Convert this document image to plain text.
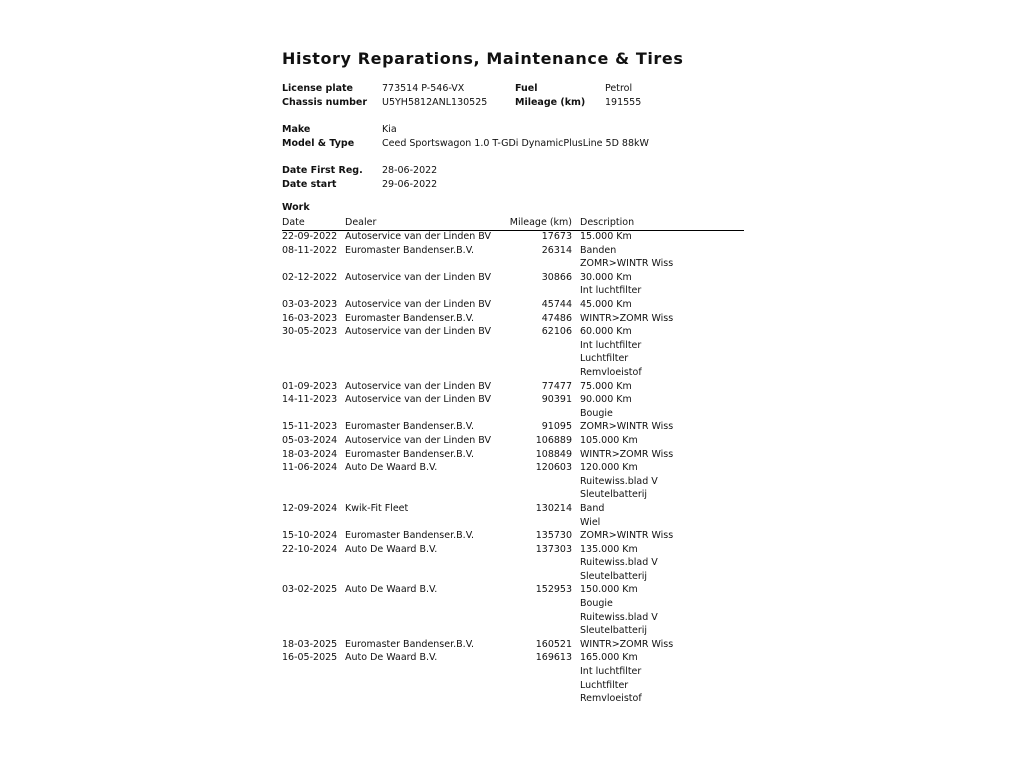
History Reparations, Maintenance & Tires
License plate	773514 P-546-VX	Fuel	Petrol
Chassis number U5YH5812ANL130525	Mileage (km) 191555
Make	Kia
Model & Type	Ceed Sportswagon 1.0 T-GDi DynamicPlusLine 5D 88kW
Date First Reg. 28-06-2022
Date start	29-06-2022
Work
Date	Dealer	Mileage (km) Description
22-09-2022 Autoservice van der Linden BV	17673 15.000 Km
08-11-2022 Euromaster Bandenser.B.V.	26314 Banden
ZOMR>WINTR Wiss
02-12-2022 Autoservice van der Linden BV	30866 30.000 Km
Int luchtfilter
03-03-2023 Autoservice van der Linden BV	45744 45.000 Km
16-03-2023 Euromaster Bandenser.B.V.	47486 WINTR>ZOMR Wiss
30-05-2023 Autoservice van der Linden BV	62106 60.000 Km
Int luchtfilter
Luchtfilter
Remvloeistof
01-09-2023 Autoservice van der Linden BV	77477 75.000 Km
14-11-2023 Autoservice van der Linden BV	90391 90.000 Km
Bougie
15-11-2023 Euromaster Bandenser.B.V.	91095 ZOMR>WINTR Wiss
05-03-2024 Autoservice van der Linden BV	106889 105.000 Km
18-03-2024 Euromaster Bandenser.B.V.	108849 WINTR>ZOMR Wiss
11-06-2024 Auto De Waard B.V.	120603 120.000 Km
Ruitewiss.blad V
Sleutelbatterij
12-09-2024 Kwik-Fit Fleet	130214 Band
Wiel
15-10-2024 Euromaster Bandenser.B.V.	135730 ZOMR>WINTR Wiss
22-10-2024 Auto De Waard B.V.	137303 135.000 Km
Ruitewiss.blad V
Sleutelbatterij
03-02-2025 Auto De Waard B.V.	152953 150.000 Km
Bougie
Ruitewiss.blad V
Sleutelbatterij
18-03-2025 Euromaster Bandenser.B.V.	160521 WINTR>ZOMR Wiss
16-05-2025 Auto De Waard B.V.	169613 165.000 Km
Int luchtfilter
Luchtfilter
Remvloeistof
